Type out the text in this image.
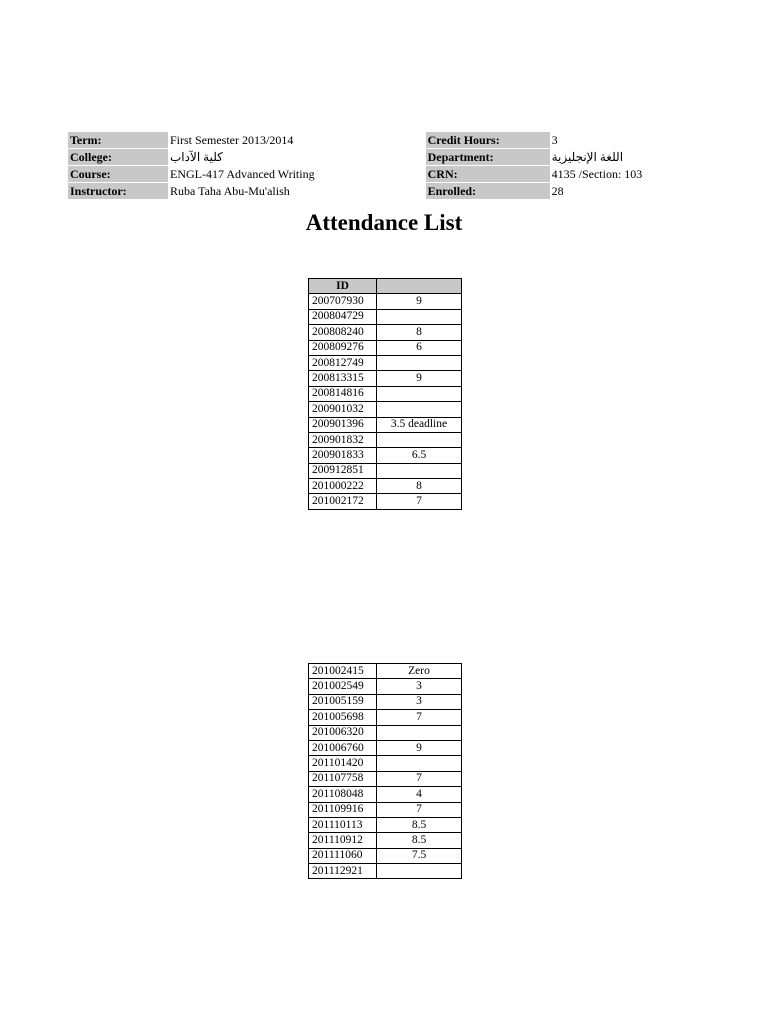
Term:	First Semester 2013/2014		Credit Hours:	3
College:	كلية الآداب		Department:	اللغة الإنجليزية
Course:	ENGL-417 Advanced Writing		CRN:	4135 /Section: 103
Instructor:	Ruba Taha Abu-Mu'alish		Enrolled:	28
Attendance List
ID	
200707930	9
200804729	
200808240	8
200809276	6
200812749	
200813315	9
200814816	
200901032	
200901396	3.5 deadline
200901832	
200901833	6.5
200912851	
201000222	8
201002172	7
201002415	Zero
201002549	3
201005159	3
201005698	7
201006320	
201006760	9
201101420	
201107758	7
201108048	4
201109916	7
201110113	8.5
201110912	8.5
201111060	7.5
201112921	
